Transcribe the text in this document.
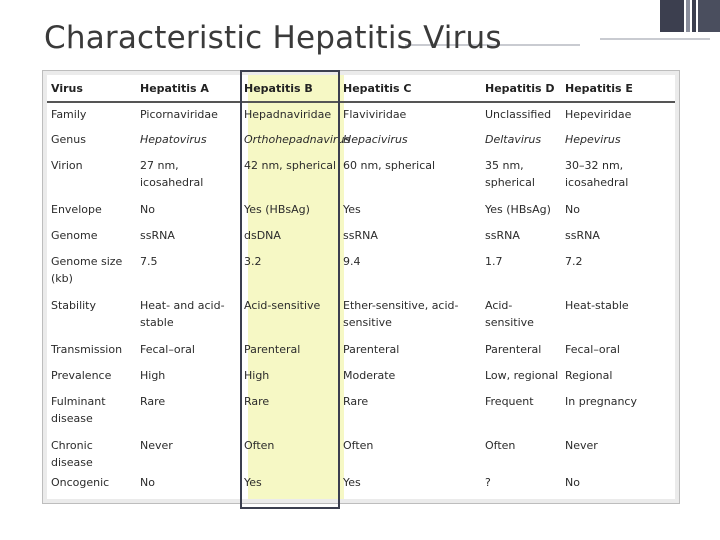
Characteristic Hepatitis Virus
Virus	Hepatitis A	Hepatitis B	Hepatitis C	Hepatitis D	Hepatitis E
Family	Picornaviridae	Hepadnaviridae	Flaviviridae	Unclassified	Hepeviridae
Genus	Hepatovirus	Orthohepadnavirus	Hepacivirus	Deltavirus	Hepevirus
Virion	27 nm, icosahedral	42 nm, spherical	60 nm, spherical	35 nm, spherical	30–32 nm, icosahedral
Envelope	No	Yes (HBsAg)	Yes	Yes (HBsAg)	No
Genome	ssRNA	dsDNA	ssRNA	ssRNA	ssRNA
Genome size (kb)	7.5	3.2	9.4	1.7	7.2
Stability	Heat- and acid-stable	Acid-sensitive	Ether-sensitive, acid-sensitive	Acid-sensitive	Heat-stable
Transmission	Fecal–oral	Parenteral	Parenteral	Parenteral	Fecal–oral
Prevalence	High	High	Moderate	Low, regional	Regional
Fulminant disease	Rare	Rare	Rare	Frequent	In pregnancy
Chronic disease	Never	Often	Often	Often	Never
Oncogenic	No	Yes	Yes	?	No
